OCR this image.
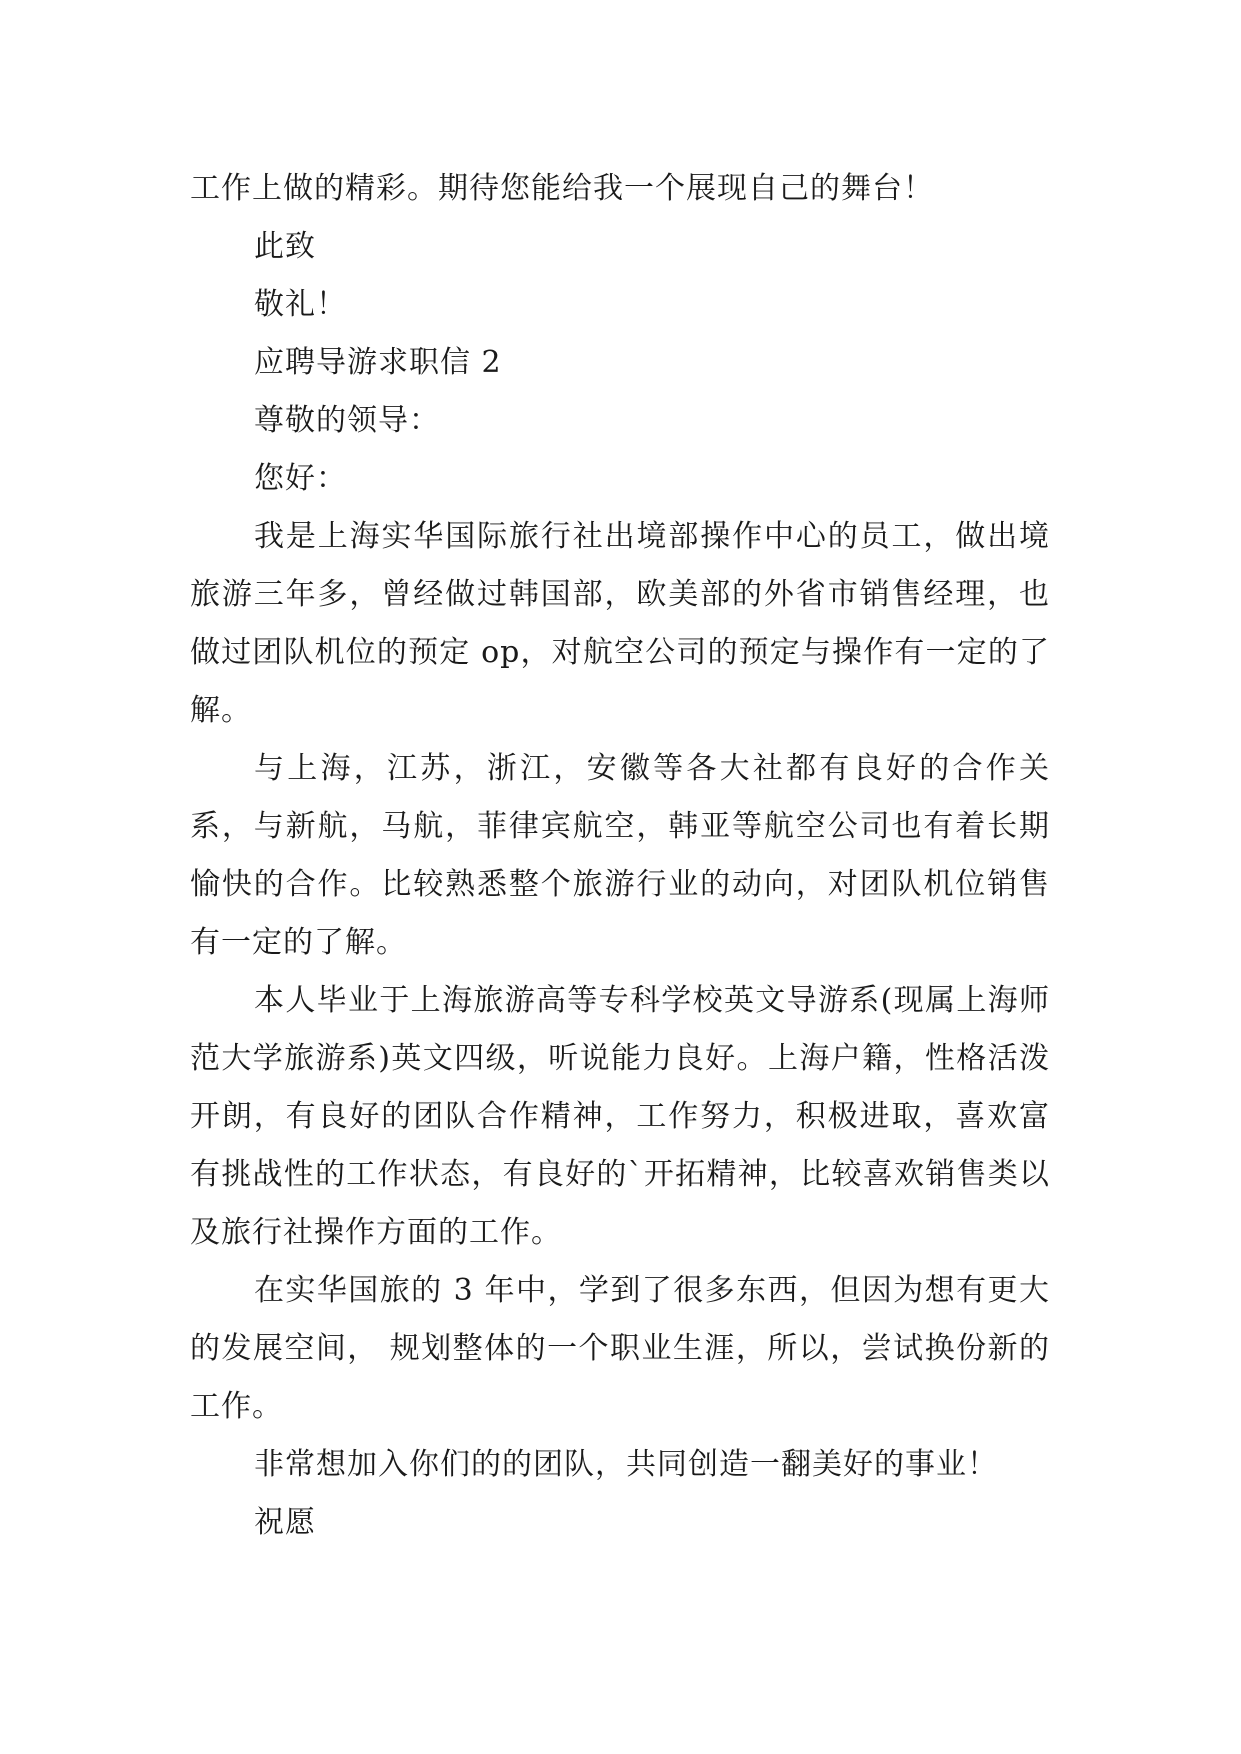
工作上做的精彩。期待您能给我一个展现自己的舞台！

此致

敬礼！

应聘导游求职信 2

尊敬的领导：

您好：

我是上海实华国际旅行社出境部操作中心的员工，做出境旅游三年多，曾经做过韩国部，欧美部的外省市销售经理，也做过团队机位的预定 op，对航空公司的预定与操作有一定的了解。

与上海，江苏，浙江，安徽等各大社都有良好的合作关系，与新航，马航，菲律宾航空，韩亚等航空公司也有着长期愉快的合作。比较熟悉整个旅游行业的动向，对团队机位销售有一定的了解。

本人毕业于上海旅游高等专科学校英文导游系(现属上海师范大学旅游系)英文四级，听说能力良好。上海户籍，性格活泼开朗，有良好的团队合作精神，工作努力，积极进取，喜欢富有挑战性的工作状态，有良好的`开拓精神，比较喜欢销售类以及旅行社操作方面的工作。

在实华国旅的 3 年中，学到了很多东西，但因为想有更大的发展空间， 规划整体的一个职业生涯，所以，尝试换份新的工作。

非常想加入你们的的团队，共同创造一翻美好的事业！

祝愿
